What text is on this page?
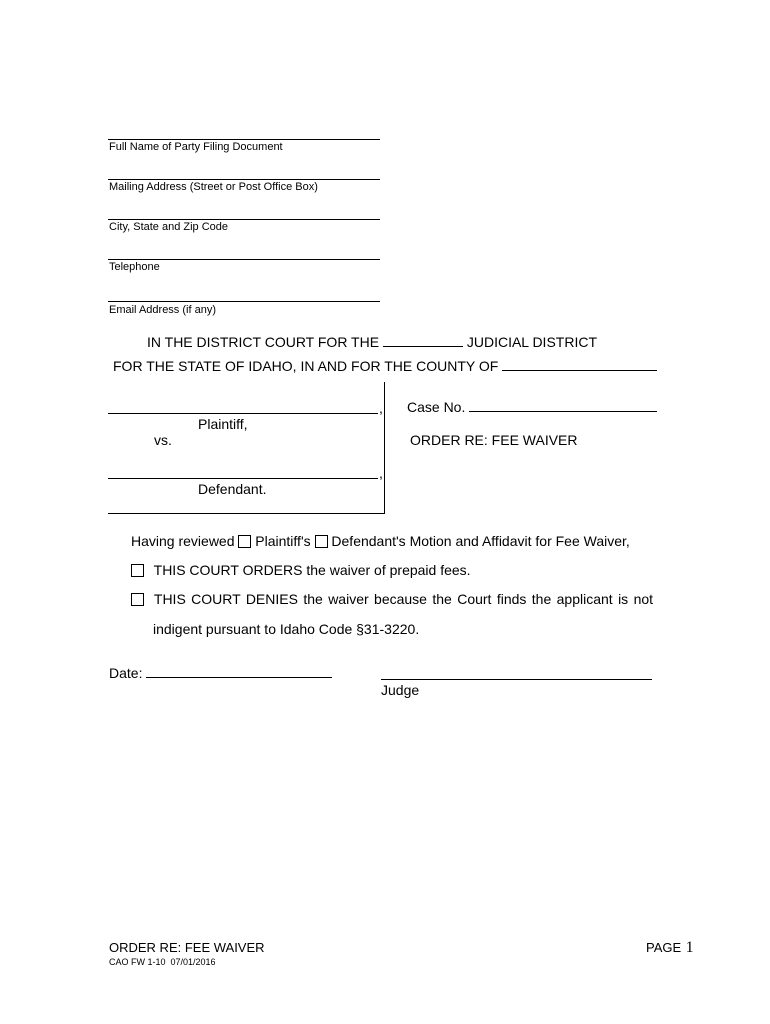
Full Name of Party Filing Document
Mailing Address (Street or Post Office Box)
City, State and Zip Code
Telephone
Email Address (if any)
IN THE DISTRICT COURT FOR THE	JUDICIAL DISTRICT
FOR THE STATE OF IDAHO, IN AND FOR THE COUNTY OF
,
Plaintiff,
vs.
,
Defendant.
Case No.
ORDER RE: FEE WAIVER
Having reviewed Plaintiff's Defendant's Motion and Affidavit for Fee Waiver,
THIS COURT ORDERS the waiver of prepaid fees.
THIS COURT DENIES the waiver because the Court finds the applicant is not
indigent pursuant to Idaho Code §31-3220.
Date:
Judge
ORDER RE: FEE WAIVER
CAO FW 1-10  07/01/2016
PAGE 1
